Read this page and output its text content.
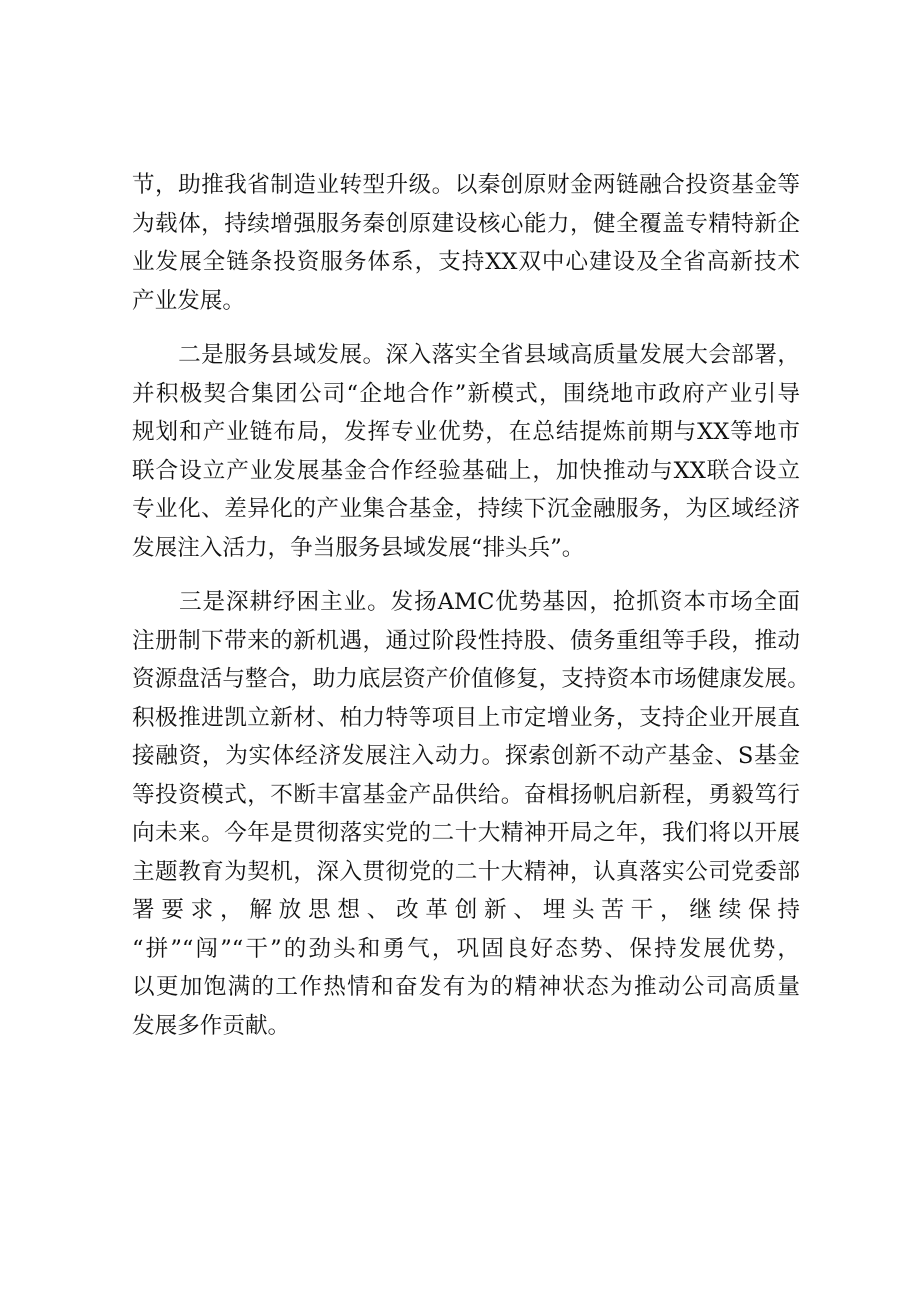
节，助推我省制造业转型升级。以秦创原财金两链融合投资基金等
为载体，持续增强服务秦创原建设核心能力，健全覆盖专精特新企
业发展全链条投资服务体系，支持XX双中心建设及全省高新技术
产业发展。
　　二是服务县域发展。深入落实全省县域高质量发展大会部署，
并积极契合集团公司“企地合作”新模式，围绕地市政府产业引导
规划和产业链布局，发挥专业优势，在总结提炼前期与XX等地市
联合设立产业发展基金合作经验基础上，加快推动与XX联合设立
专业化、差异化的产业集合基金，持续下沉金融服务，为区域经济
发展注入活力，争当服务县域发展“排头兵”。
　　三是深耕纾困主业。发扬AMC优势基因，抢抓资本市场全面
注册制下带来的新机遇，通过阶段性持股、债务重组等手段，推动
资源盘活与整合，助力底层资产价值修复，支持资本市场健康发展。
积极推进凯立新材、柏力特等项目上市定增业务，支持企业开展直
接融资，为实体经济发展注入动力。探索创新不动产基金、S基金
等投资模式，不断丰富基金产品供给。奋楫扬帆启新程，勇毅笃行
向未来。今年是贯彻落实党的二十大精神开局之年，我们将以开展
主题教育为契机，深入贯彻党的二十大精神，认真落实公司党委部
署要求，解放思想、改革创新、埋头苦干，继续保持
“拼”“闯”“干”的劲头和勇气，巩固良好态势、保持发展优势，
以更加饱满的工作热情和奋发有为的精神状态为推动公司高质量
发展多作贡献。
